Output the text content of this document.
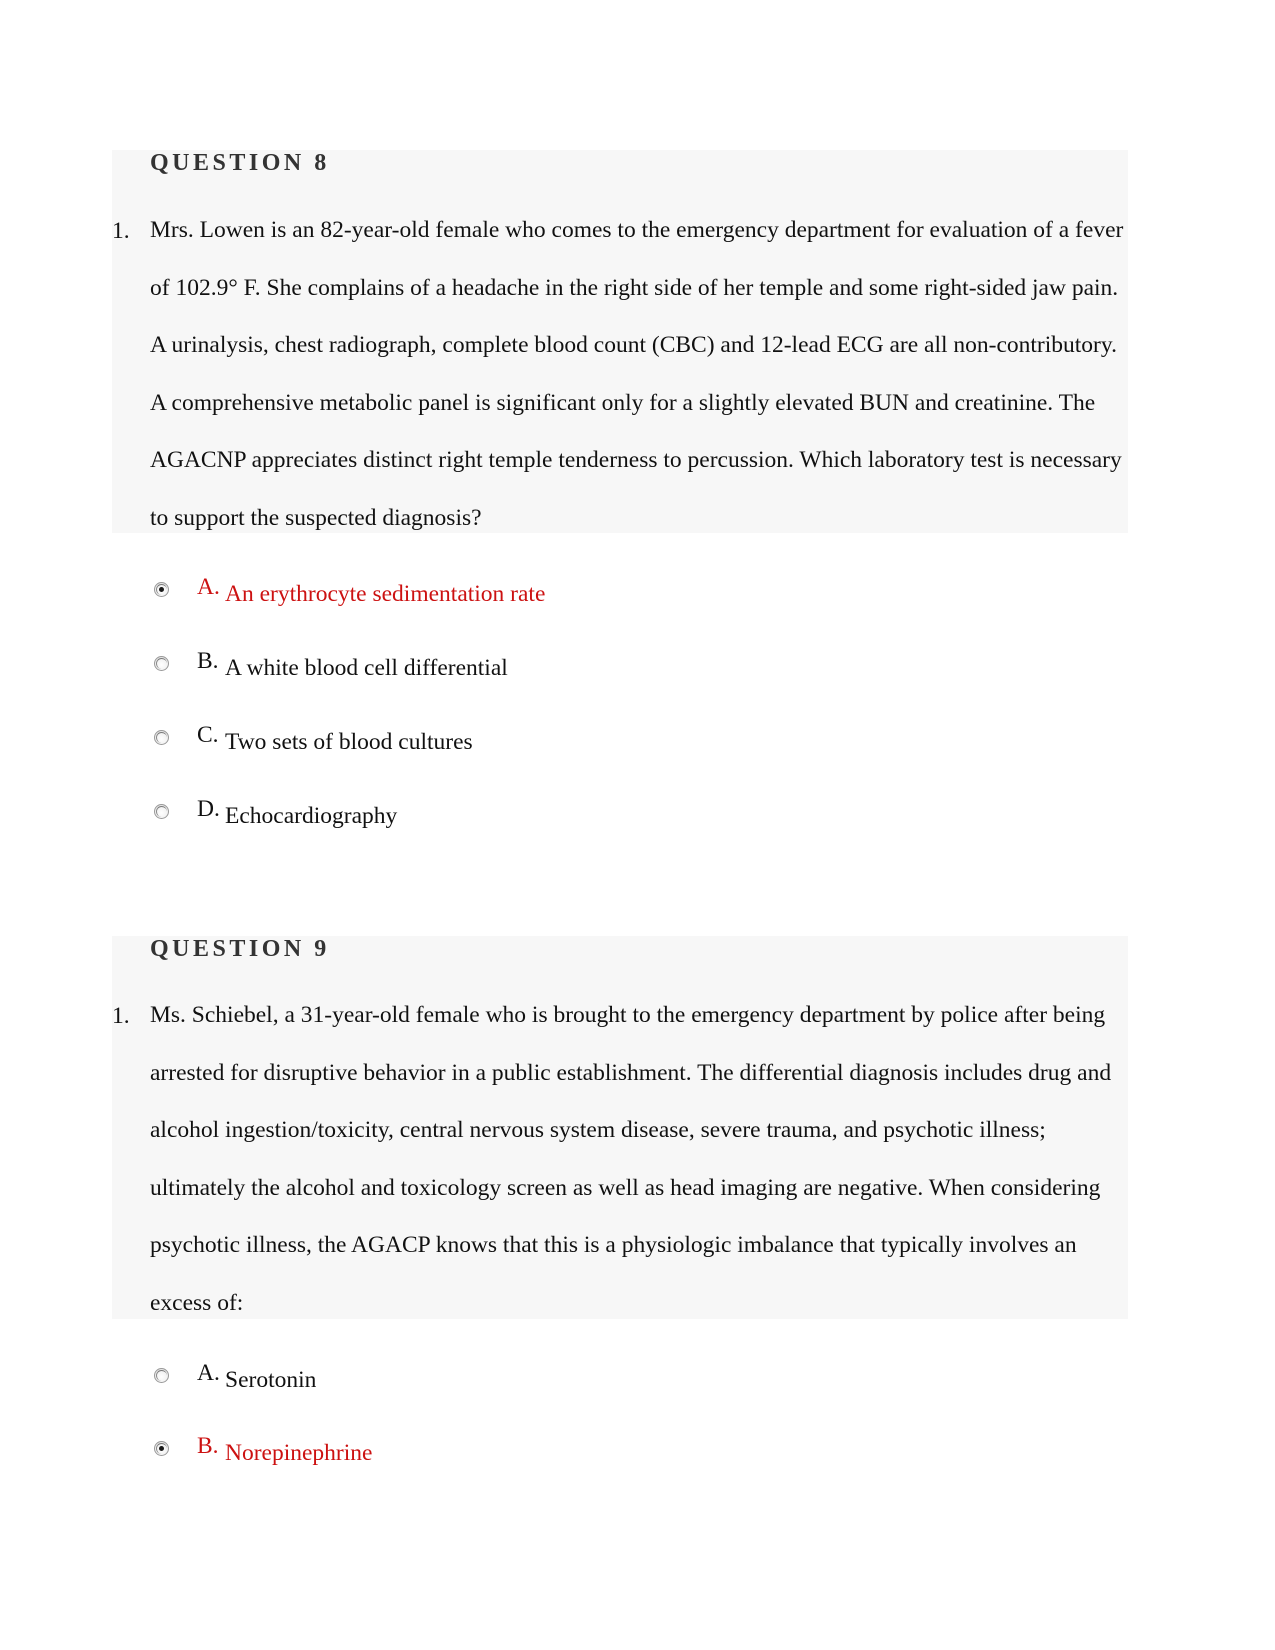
QUESTION 8
1. Mrs. Lowen is an 82-year-old female who comes to the emergency department for evaluation of a fever of 102.9° F. She complains of a headache in the right side of her temple and some right-sided jaw pain. A urinalysis, chest radiograph, complete blood count (CBC) and 12-lead ECG are all non-contributory. A comprehensive metabolic panel is significant only for a slightly elevated BUN and creatinine. The AGACNP appreciates distinct right temple tenderness to percussion. Which laboratory test is necessary to support the suspected diagnosis?

A. An erythrocyte sedimentation rate
B. A white blood cell differential
C. Two sets of blood cultures
D. Echocardiography
QUESTION 9
1. Ms. Schiebel, a 31-year-old female who is brought to the emergency department by police after being arrested for disruptive behavior in a public establishment. The differential diagnosis includes drug and alcohol ingestion/toxicity, central nervous system disease, severe trauma, and psychotic illness; ultimately the alcohol and toxicology screen as well as head imaging are negative. When considering psychotic illness, the AGACP knows that this is a physiologic imbalance that typically involves an excess of:

A. Serotonin
B. Norepinephrine
